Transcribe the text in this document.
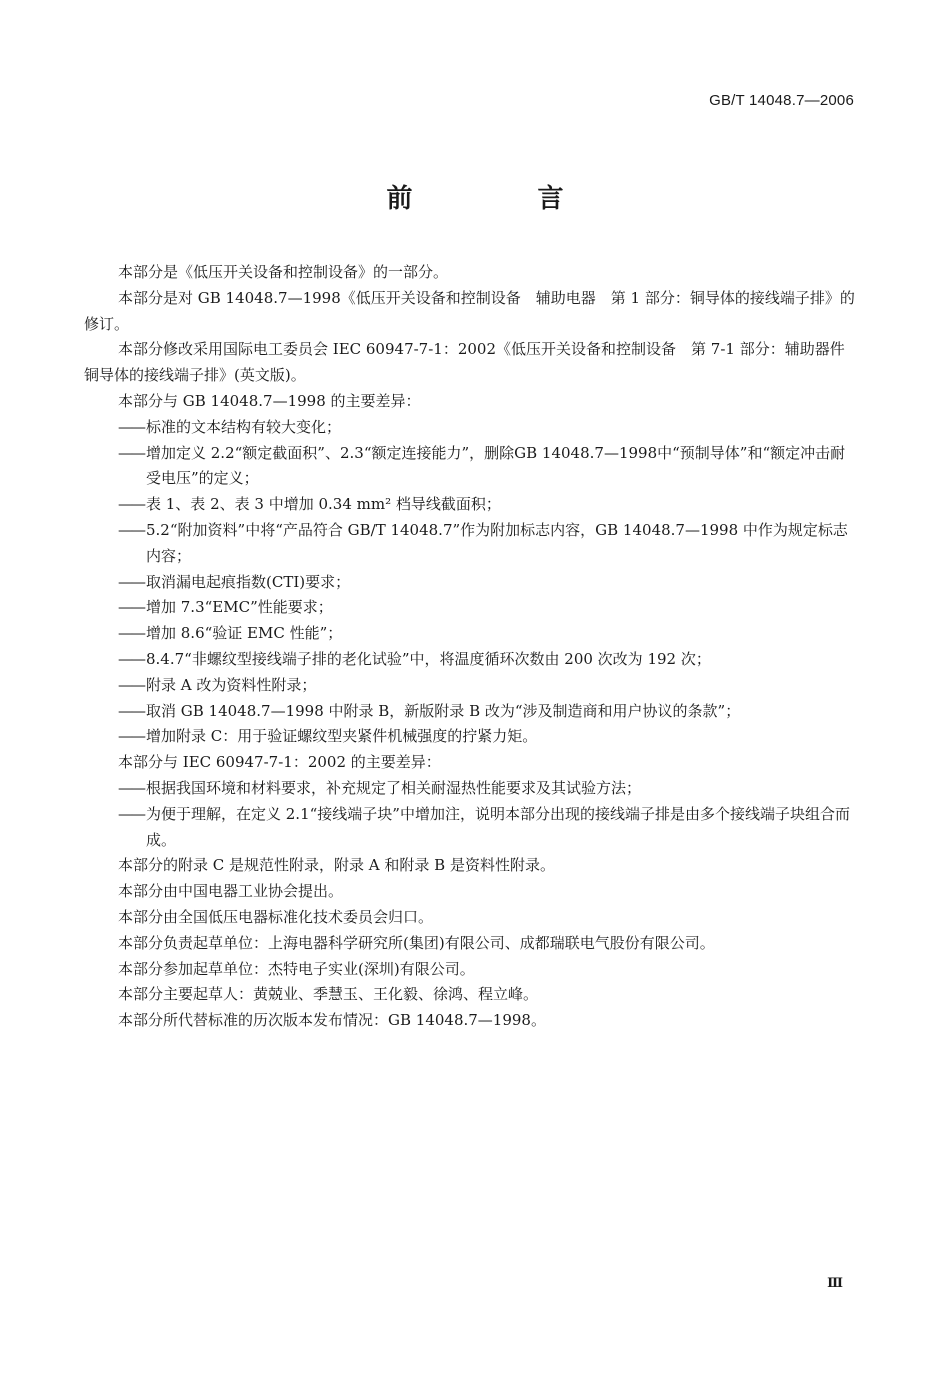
GB/T 14048.7—2006
前 言
本部分是《低压开关设备和控制设备》的一部分。
本部分是对 GB 14048.7—1998《低压开关设备和控制设备　辅助电器　第 1 部分：铜导体的接线端子排》的修订。
本部分修改采用国际电工委员会 IEC 60947-7-1：2002《低压开关设备和控制设备　第 7-1 部分：辅助器件　铜导体的接线端子排》(英文版)。
本部分与 GB 14048.7—1998 的主要差异：
—— 标准的文本结构有较大变化；
—— 增加定义 2.2“额定截面积”、2.3“额定连接能力”，删除GB 14048.7—1998中“预制导体”和“额定冲击耐受电压”的定义；
—— 表 1、表 2、表 3 中增加 0.34 mm² 档导线截面积；
—— 5.2“附加资料”中将“产品符合 GB/T 14048.7”作为附加标志内容，GB 14048.7—1998 中作为规定标志内容；
—— 取消漏电起痕指数(CTI)要求；
—— 增加 7.3“EMC”性能要求；
—— 增加 8.6“验证 EMC 性能”；
—— 8.4.7“非螺纹型接线端子排的老化试验”中，将温度循环次数由 200 次改为 192 次；
—— 附录 A 改为资料性附录；
—— 取消 GB 14048.7—1998 中附录 B，新版附录 B 改为“涉及制造商和用户协议的条款”；
—— 增加附录 C：用于验证螺纹型夹紧件机械强度的拧紧力矩。
本部分与 IEC 60947-7-1：2002 的主要差异：
—— 根据我国环境和材料要求，补充规定了相关耐湿热性能要求及其试验方法；
—— 为便于理解，在定义 2.1“接线端子块”中增加注，说明本部分出现的接线端子排是由多个接线端子块组合而成。
本部分的附录 C 是规范性附录，附录 A 和附录 B 是资料性附录。
本部分由中国电器工业协会提出。
本部分由全国低压电器标准化技术委员会归口。
本部分负责起草单位：上海电器科学研究所(集团)有限公司、成都瑞联电气股份有限公司。
本部分参加起草单位：杰特电子实业(深圳)有限公司。
本部分主要起草人：黄兢业、季慧玉、王化毅、徐鸿、程立峰。
本部分所代替标准的历次版本发布情况：GB 14048.7—1998。
Ⅲ
